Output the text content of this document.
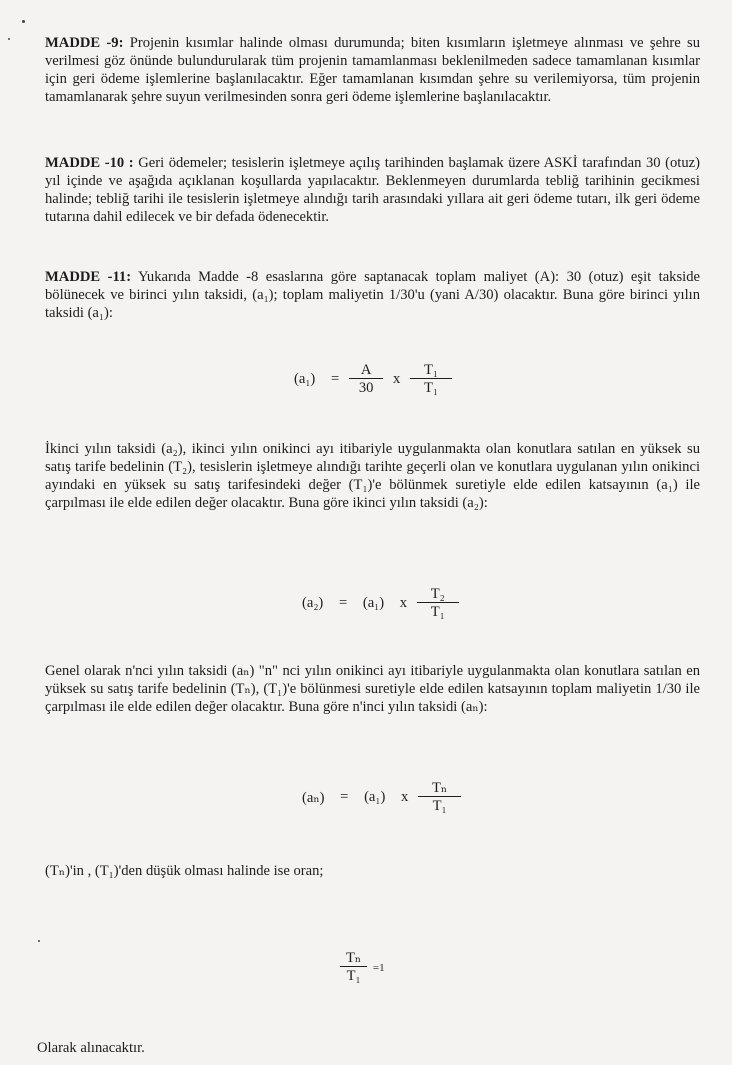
MADDE -9: Projenin kısımlar halinde olması durumunda; biten kısımların işletmeye alınması ve şehre su verilmesi göz önünde bulundurularak tüm projenin tamamlanması beklenilmeden sadece tamamlanan kısımlar için geri ödeme işlemlerine başlanılacaktır. Eğer tamamlanan kısımdan şehre su verilemiyorsa, tüm projenin tamamlanarak şehre suyun verilmesinden sonra geri ödeme işlemlerine başlanılacaktır.

MADDE -10 : Geri ödemeler; tesislerin işletmeye açılış tarihinden başlamak üzere ASKİ tarafından 30 (otuz) yıl içinde ve aşağıda açıklanan koşullarda yapılacaktır. Beklenmeyen durumlarda tebliğ tarihinin gecikmesi halinde; tebliğ tarihi ile tesislerin işletmeye alındığı tarih arasındaki yıllara ait geri ödeme tutarı, ilk geri ödeme tutarına dahil edilecek ve bir defada ödenecektir.

MADDE -11: Yukarıda Madde -8 esaslarına göre saptanacak toplam maliyet (A): 30 (otuz) eşit takside bölünecek ve birinci yılın taksidi, (a₁); toplam maliyetin 1/30'u (yani A/30) olacaktır. Buna göre birinci yılın taksidi (a₁):

$(a_1) = \frac{A}{30}$ x $\frac{\text{T₁}}{\text{T₁}}$

İkinci yılın taksidi (a₂), ikinci yılın onikinci ayı itibariyle uygulanmakta olan konutlara satılan en yüksek su satış tarife bedelinin (T₂), tesislerin işletmeye alındığı tarihte geçerli olan ve konutlara uygulanan yılın onikinci ayındaki en yüksek su satış tarifesindeki değer (T₁)'e bölünmek suretiyle elde edilen katsayının (a₁) ile çarpılması ile elde edilen değer olacaktır. Buna göre ikinci yılın taksidi (a₂):

(a₂) = (a₁) x $\frac{\text{T₂}}{\text{T₁}}$

Genel olarak n'nci yılın taksidi (aₙ) "n" nci yılın onikinci ayı itibariyle uygulanmakta olan konutlara satılan en yüksek su satış tarife bedelinin (Tₙ), (T₁)'e bölünmesi suretiyle elde edilen katsayının toplam maliyetin 1/30 ile çarpılması ile elde edilen değer olacaktır. Buna göre n'inci yılın taksidi (aₙ):

(aₙ) = (a₁) x $\frac{\text{Tₙ}}{\text{T₁}}$

(Tₙ)'in , (T₁)'den düşük olması halinde ise oran;

$\frac{\text{Tₙ}}{\text{T₁}} =1$
Olarak alınacaktır.
